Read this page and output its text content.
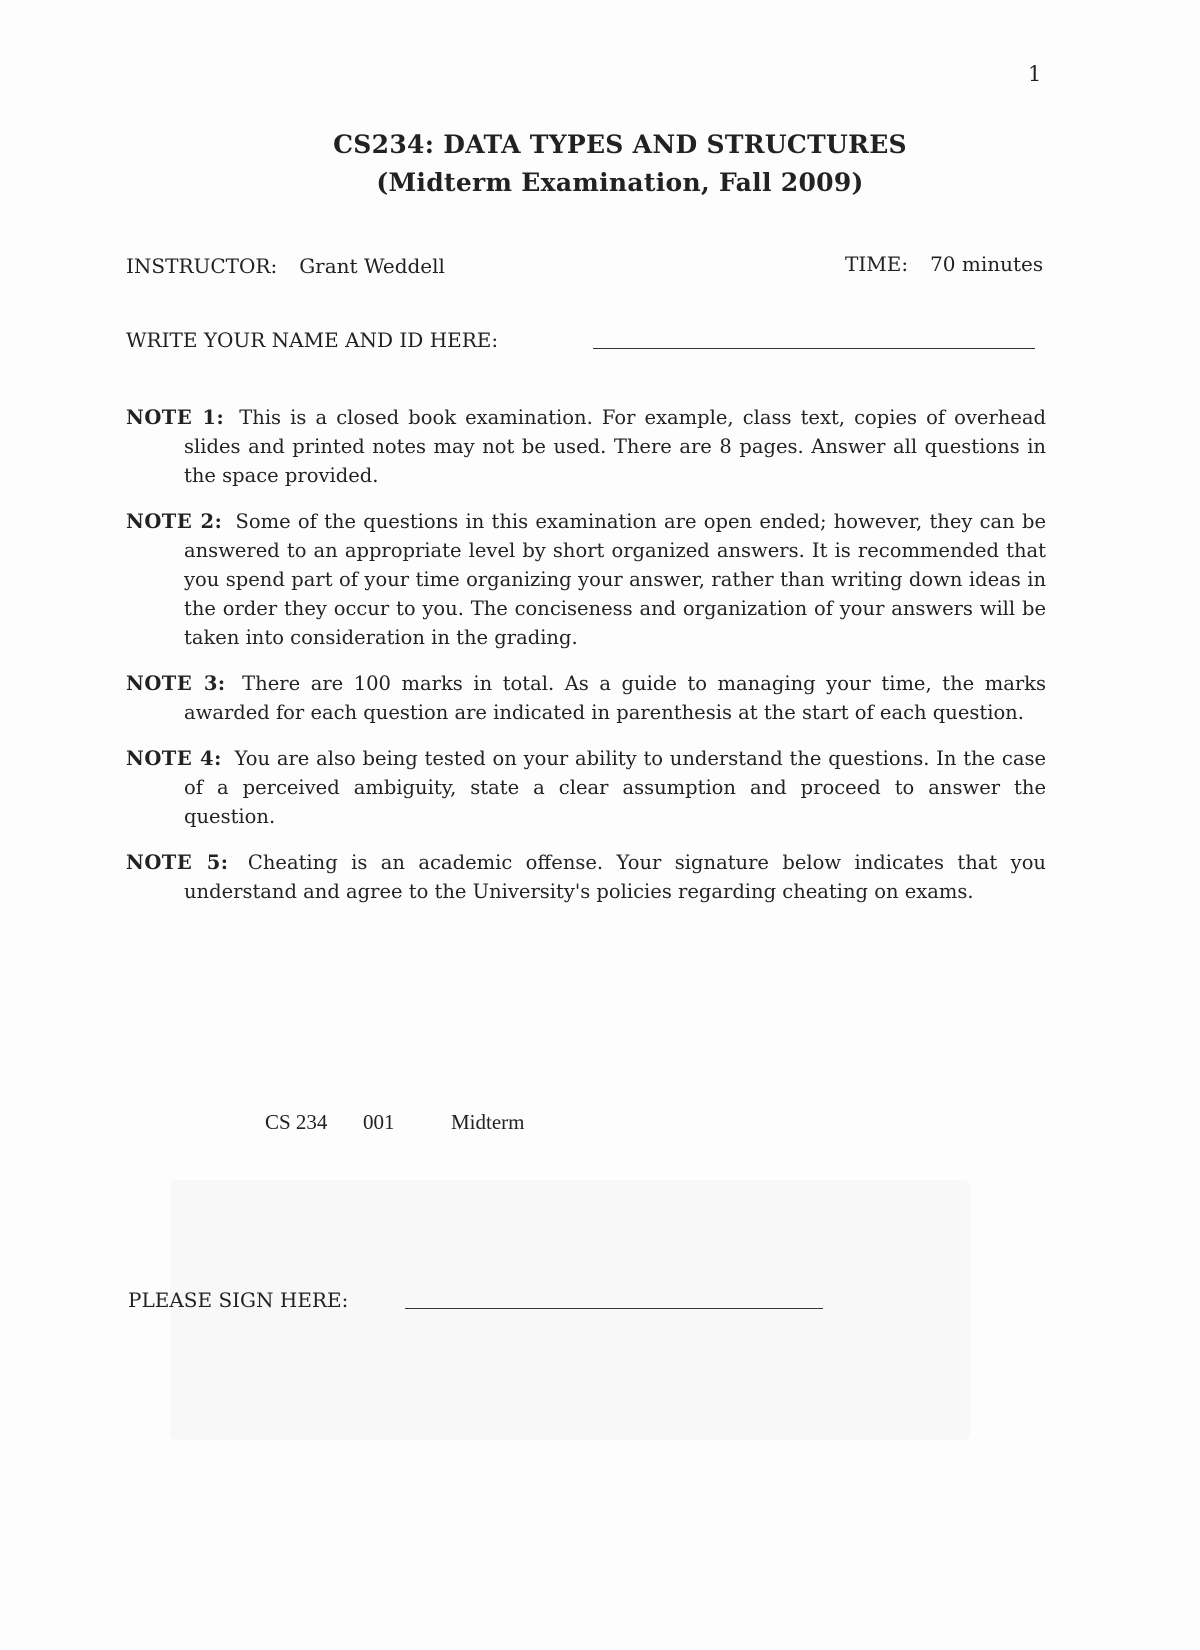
1
CS234: DATA TYPES AND STRUCTURES
(Midterm Examination, Fall 2009)
INSTRUCTOR: Grant Weddell	TIME: 70 minutes
WRITE YOUR NAME AND ID HERE:
NOTE 1: This is a closed book examination. For example, class text, copies of overhead slides and printed notes may not be used. There are 8 pages. Answer all questions in the space provided.
NOTE 2: Some of the questions in this examination are open ended; however, they can be answered to an appropriate level by short organized answers. It is recommended that you spend part of your time organizing your answer, rather than writing down ideas in the order they occur to you. The conciseness and organization of your answers will be taken into consideration in the grading.
NOTE 3: There are 100 marks in total. As a guide to managing your time, the marks awarded for each question are indicated in parenthesis at the start of each question.
NOTE 4: You are also being tested on your ability to understand the questions. In the case of a perceived ambiguity, state a clear assumption and proceed to answer the question.
NOTE 5: Cheating is an academic offense. Your signature below indicates that you understand and agree to the University's policies regarding cheating on exams.
CS 234 001	Midterm
PLEASE SIGN HERE:
